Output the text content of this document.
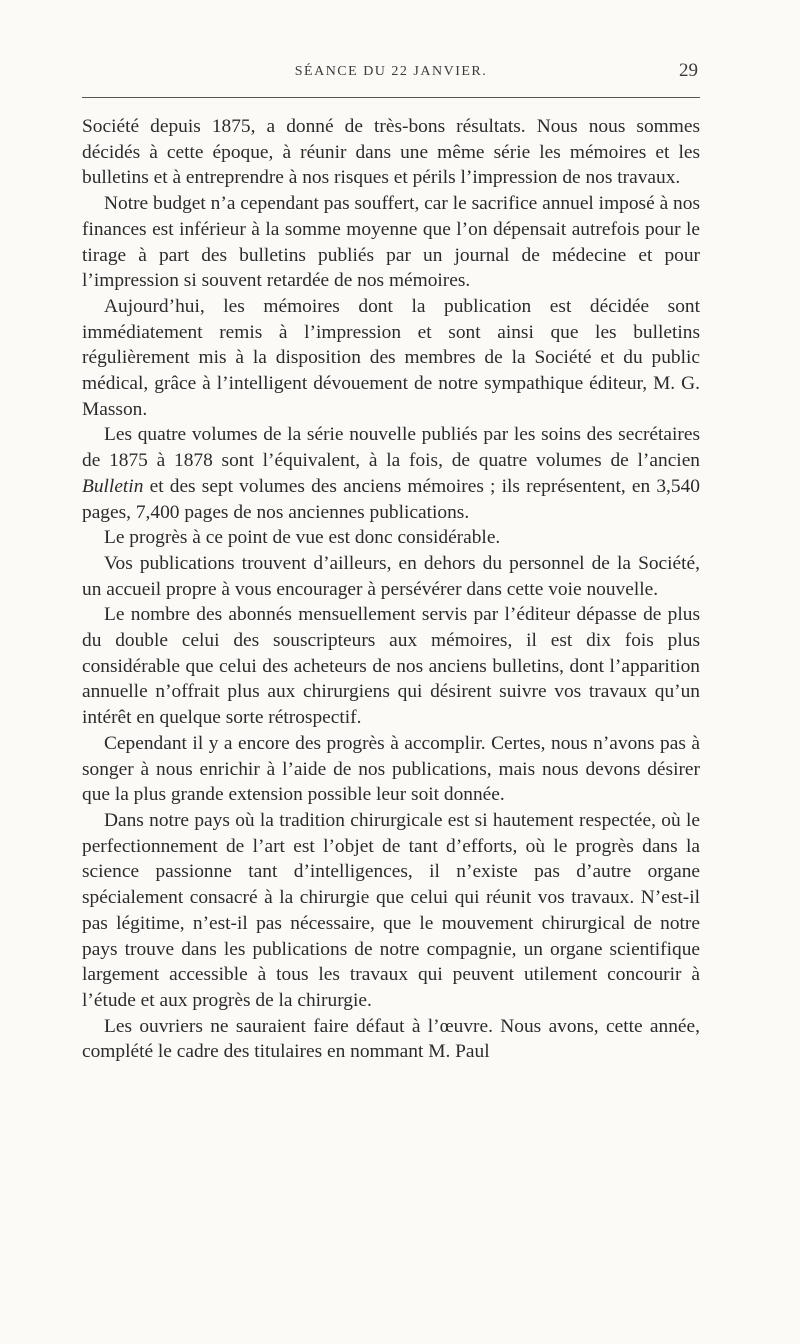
SÉANCE DU 22 JANVIER.	29

Société depuis 1875, a donné de très-bons résultats. Nous nous sommes décidés à cette époque, à réunir dans une même série les mémoires et les bulletins et à entreprendre à nos risques et périls l’impression de nos travaux.

Notre budget n’a cependant pas souffert, car le sacrifice annuel imposé à nos finances est inférieur à la somme moyenne que l’on dépensait autrefois pour le tirage à part des bulletins publiés par un journal de médecine et pour l’impression si souvent retardée de nos mémoires.

Aujourd’hui, les mémoires dont la publication est décidée sont immédiatement remis à l’impression et sont ainsi que les bulletins régulièrement mis à la disposition des membres de la Société et du public médical, grâce à l’intelligent dévouement de notre sympathique éditeur, M. G. Masson.

Les quatre volumes de la série nouvelle publiés par les soins des secrétaires de 1875 à 1878 sont l’équivalent, à la fois, de quatre volumes de l’ancien Bulletin et des sept volumes des anciens mémoires ; ils représentent, en 3,540 pages, 7,400 pages de nos anciennes publications.

Le progrès à ce point de vue est donc considérable.

Vos publications trouvent d’ailleurs, en dehors du personnel de la Société, un accueil propre à vous encourager à persévérer dans cette voie nouvelle.

Le nombre des abonnés mensuellement servis par l’éditeur dépasse de plus du double celui des souscripteurs aux mémoires, il est dix fois plus considérable que celui des acheteurs de nos anciens bulletins, dont l’apparition annuelle n’offrait plus aux chirurgiens qui désirent suivre vos travaux qu’un intérêt en quelque sorte rétrospectif.

Cependant il y a encore des progrès à accomplir. Certes, nous n’avons pas à songer à nous enrichir à l’aide de nos publications, mais nous devons désirer que la plus grande extension possible leur soit donnée.

Dans notre pays où la tradition chirurgicale est si hautement respectée, où le perfectionnement de l’art est l’objet de tant d’efforts, où le progrès dans la science passionne tant d’intelligences, il n’existe pas d’autre organe spécialement consacré à la chirurgie que celui qui réunit vos travaux. N’est-il pas légitime, n’est-il pas nécessaire, que le mouvement chirurgical de notre pays trouve dans les publications de notre compagnie, un organe scientifique largement accessible à tous les travaux qui peuvent utilement concourir à l’étude et aux progrès de la chirurgie.

Les ouvriers ne sauraient faire défaut à l’œuvre. Nous avons, cette année, complété le cadre des titulaires en nommant M. Paul
